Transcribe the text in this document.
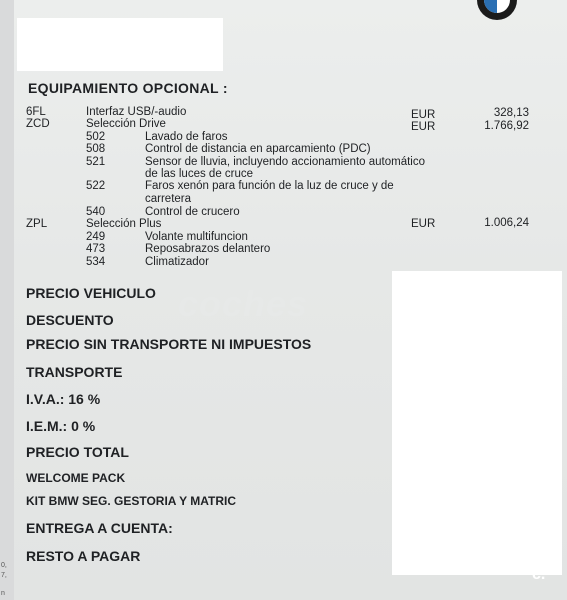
coches
EQUIPAMIENTO OPCIONAL :
6FL	Interfaz USB/-audio	EUR	328,13
ZCD	Selección Drive	EUR	1.766,92
502	Lavado de faros
508	Control de distancia en aparcamiento (PDC)
521	Sensor de lluvia, incluyendo accionamiento automático
de las luces de cruce
522	Faros xenón para función de la luz de cruce y de
carretera
540	Control de crucero
ZPL	Selección Plus	EUR	1.006,24
249	Volante multifuncion
473	Reposabrazos delantero
534	Climatizador
PRECIO VEHICULO
DESCUENTO
PRECIO SIN TRANSPORTE NI IMPUESTOS
TRANSPORTE
I.V.A.: 16 %
I.E.M.: 0 %
PRECIO TOTAL
WELCOME PACK
KIT BMW SEG. GESTORIA Y MATRIC
ENTREGA A CUENTA:
RESTO A PAGAR
c.
0,
7,
n
